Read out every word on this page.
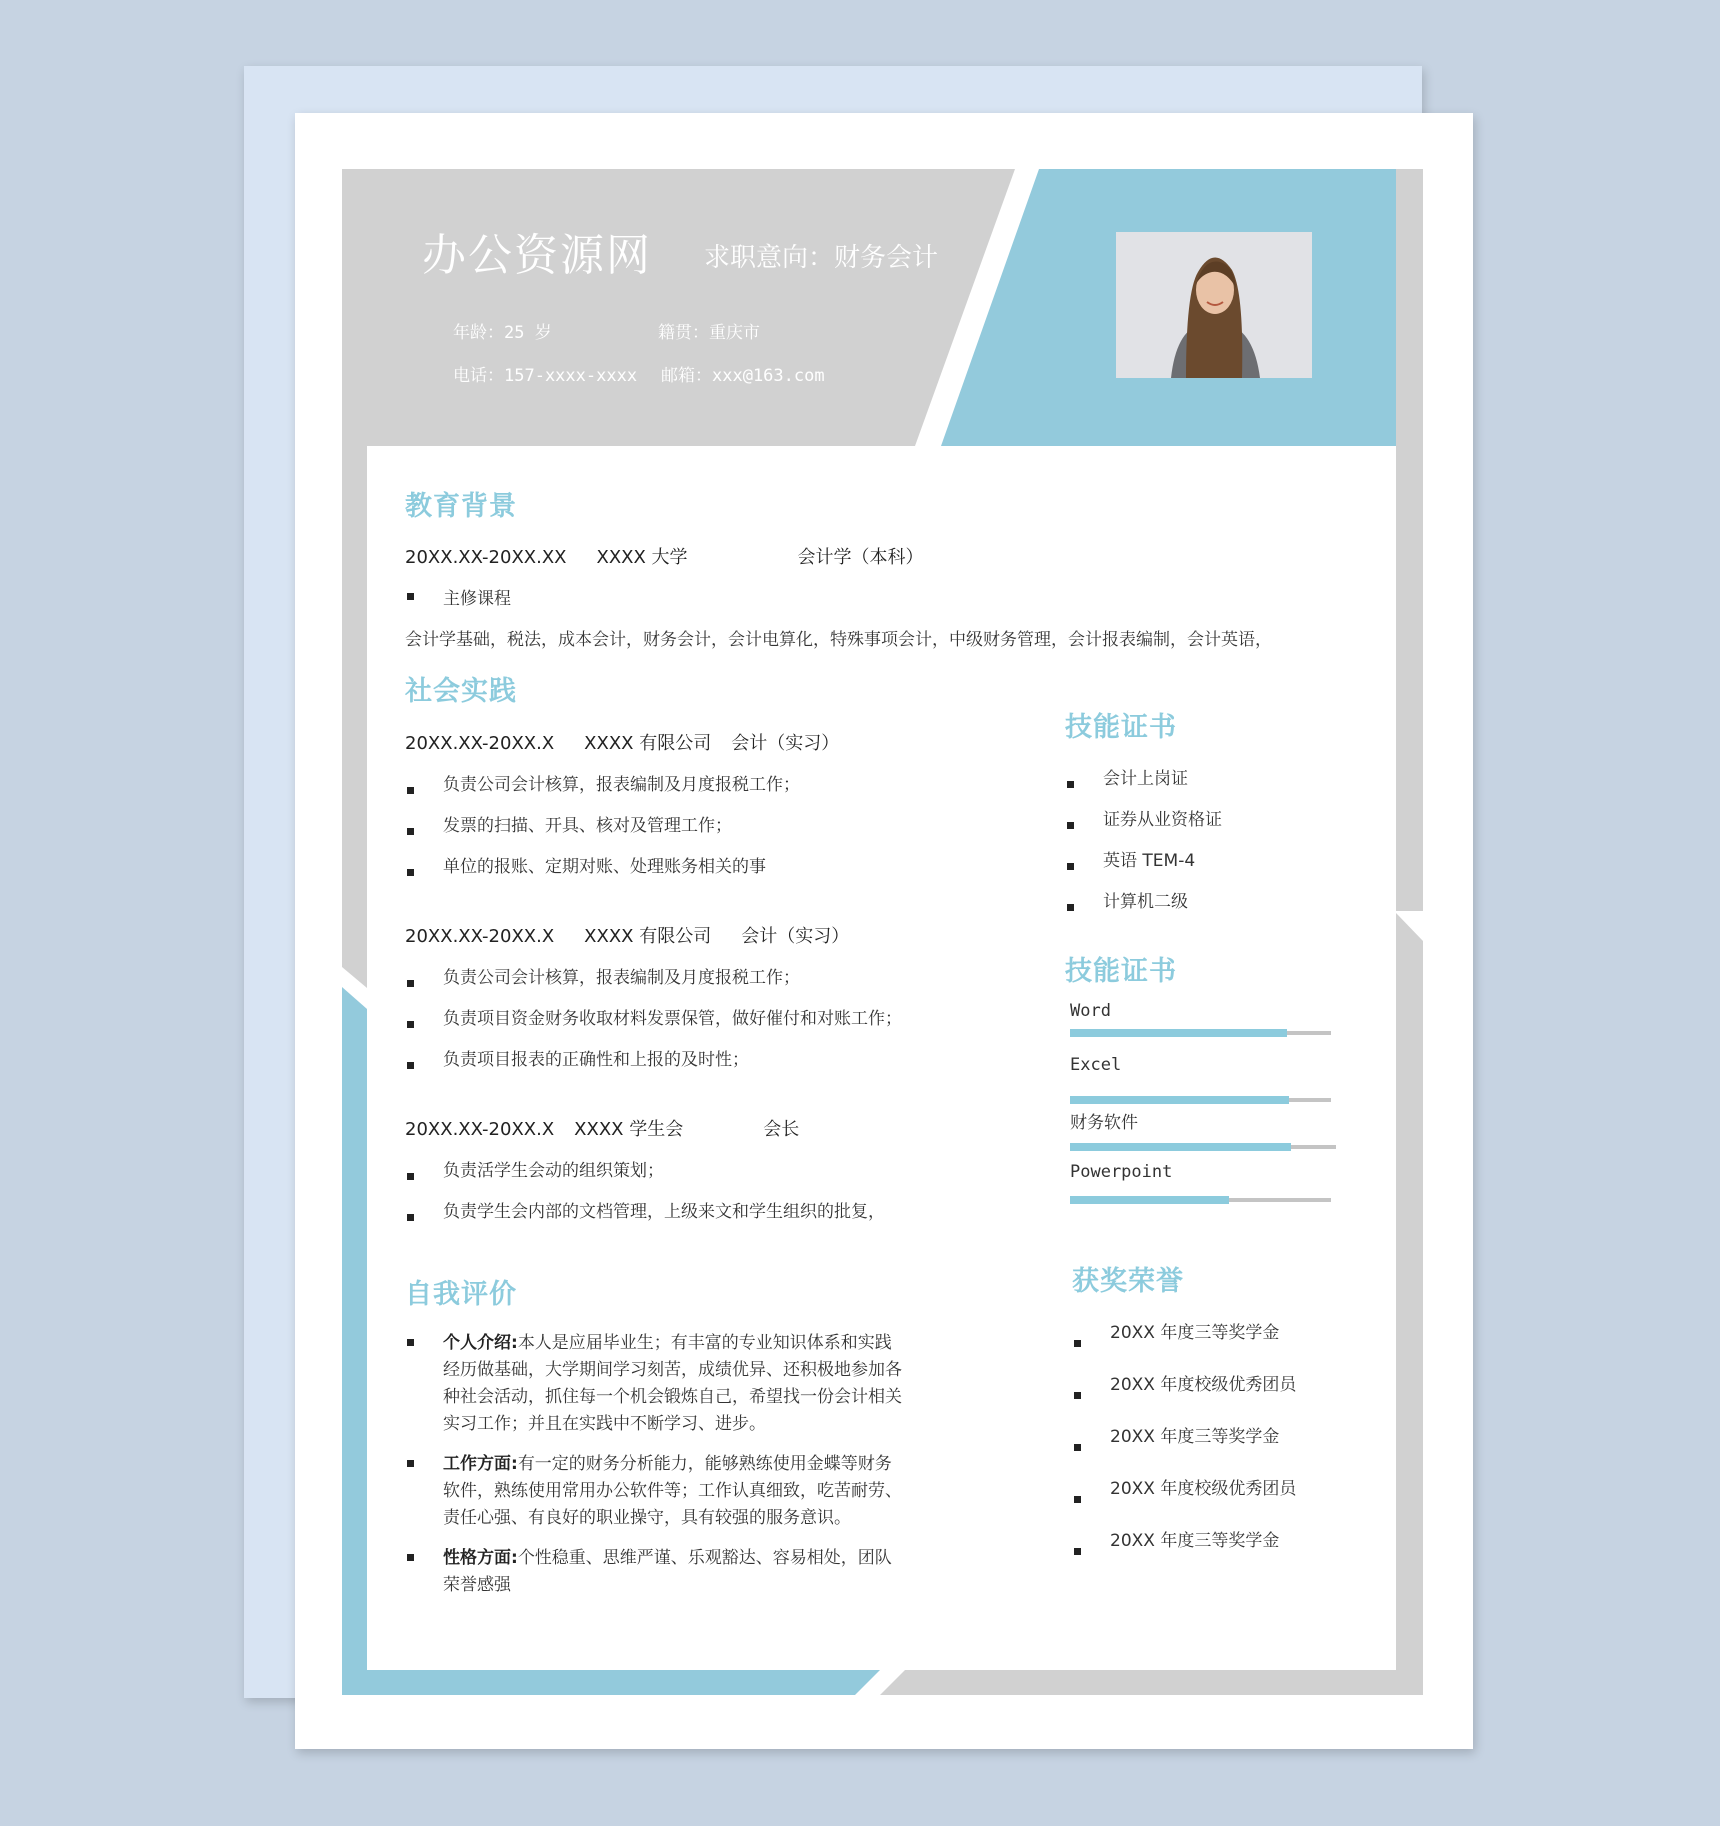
办公资源网 求职意向：财务会计
年龄：25 岁	籍贯：重庆市
电话：157-xxxx-xxxx 邮箱：xxx@163.com
教育背景
20XX.XX-20XX.XX XXXX 大学	会计学（本科）
主修课程
会计学基础，税法，成本会计，财务会计，会计电算化，特殊事项会计，中级财务管理，会计报表编制，会计英语，
社会实践
20XX.XX-20XX.X XXXX 有限公司 会计（实习）
负责公司会计核算，报表编制及月度报税工作；
发票的扫描、开具、核对及管理工作；
单位的报账、定期对账、处理账务相关的事
20XX.XX-20XX.X XXXX 有限公司 会计（实习）
负责公司会计核算，报表编制及月度报税工作；
负责项目资金财务收取材料发票保管，做好催付和对账工作；
负责项目报表的正确性和上报的及时性；
20XX.XX-20XX.X XXXX 学生会	会长
负责活学生会动的组织策划；
负责学生会内部的文档管理，上级来文和学生组织的批复，
自我评价
个人介绍:本人是应届毕业生；有丰富的专业知识体系和实践经历做基础，大学期间学习刻苦，成绩优异、还积极地参加各种社会活动，抓住每一个机会锻炼自己，希望找一份会计相关实习工作；并且在实践中不断学习、进步。
工作方面:有一定的财务分析能力，能够熟练使用金蝶等财务软件，熟练使用常用办公软件等；工作认真细致，吃苦耐劳、责任心强、有良好的职业操守，具有较强的服务意识。
性格方面:个性稳重、思维严谨、乐观豁达、容易相处，团队荣誉感强
技能证书
会计上岗证
证券从业资格证
英语 TEM-4
计算机二级
技能证书
Word
Excel
财务软件
Powerpoint
获奖荣誉
20XX 年度三等奖学金
20XX 年度校级优秀团员
20XX 年度三等奖学金
20XX 年度校级优秀团员
20XX 年度三等奖学金
